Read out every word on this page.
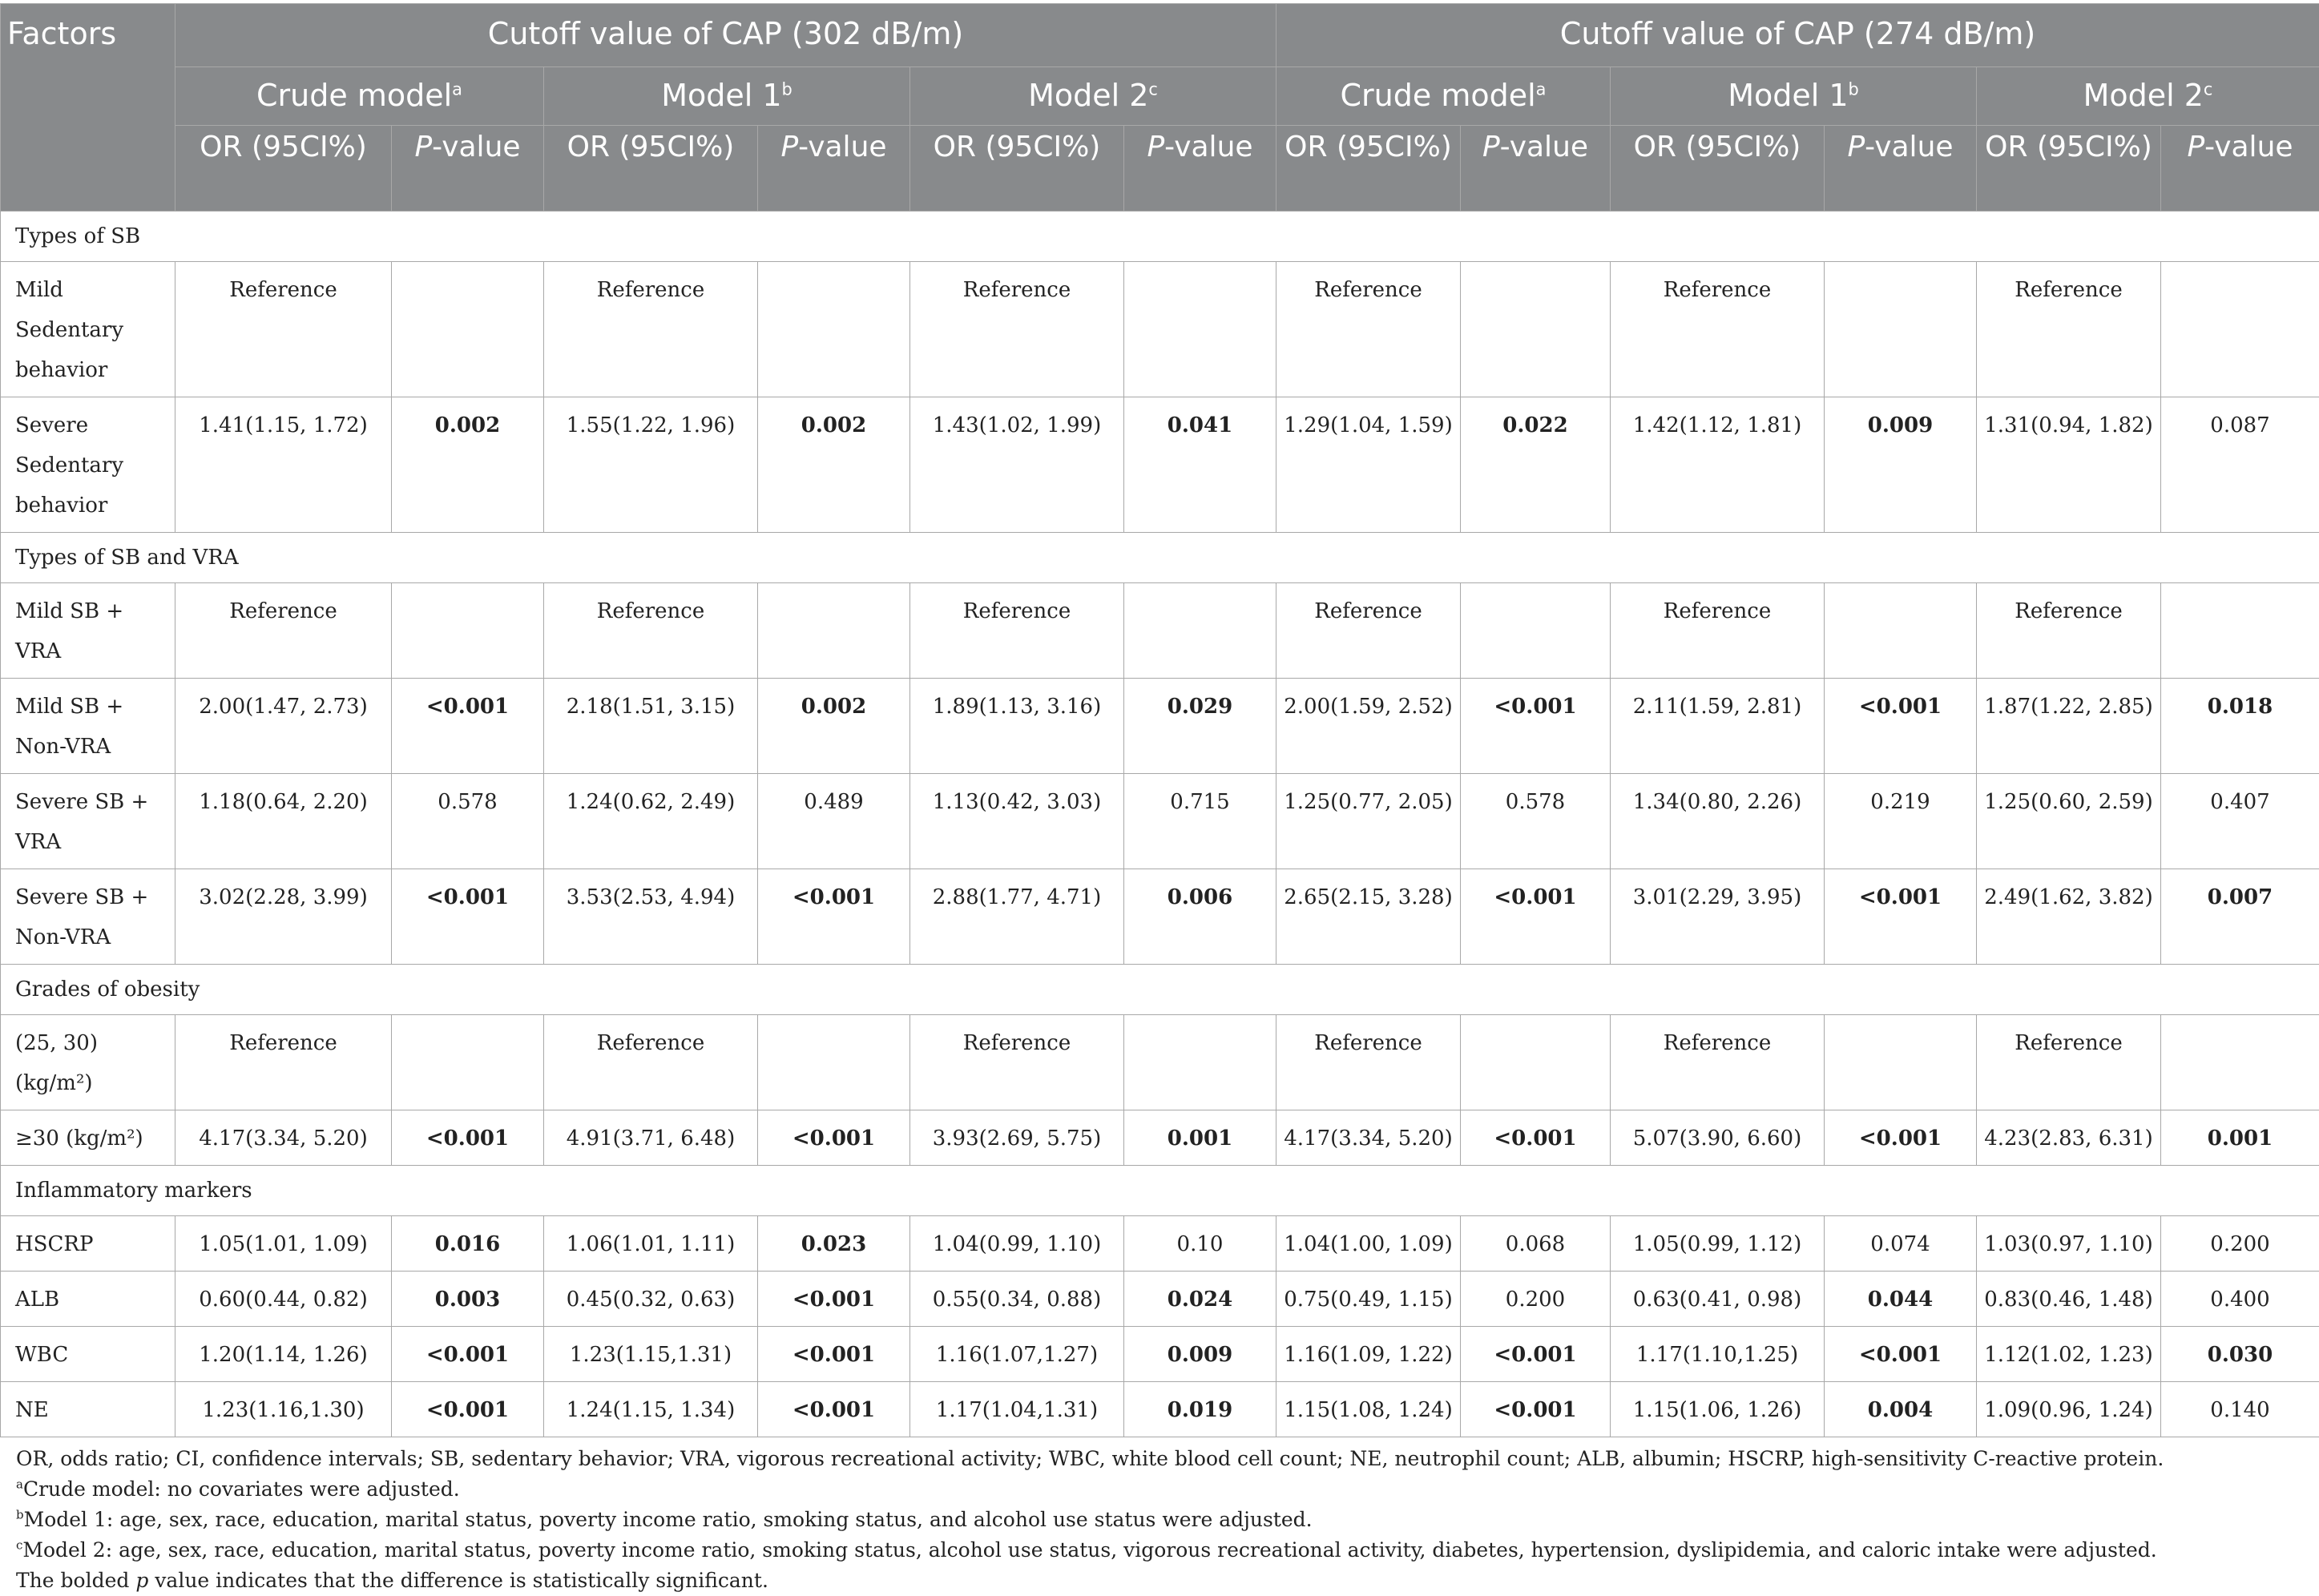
Factors	Cutoff value of CAP (302 dB/m)						Cutoff value of CAP (274 dB/m)					
	Crude model$^a$		Model 1$^b$		Model 2$^c$		Crude model$^a$		Model 1$^b$		Model 2$^c$
	OR (95CI%)	P-value	OR (95CI%)	P-value	OR (95CI%)	P-value	OR (95CI%)	P-value	OR (95CI%)	P-value	OR (95CI%)	P-value
Types of SB												
Mild Sedentary behavior	Reference		Reference		Reference		Reference		Reference		Reference	
Severe Sedentary behavior	1.41(1.15, 1.72)	0.002	1.55(1.22, 1.96)	0.002	1.43(1.02, 1.99)	0.041	1.29(1.04, 1.59)	0.022	1.42(1.12, 1.81)	0.009	1.31(0.94, 1.82)	0.087
Types of SB and VRA												
Mild SB + VRA	Reference		Reference		Reference		Reference		Reference		Reference	
Mild SB + Non-VRA	2.00(1.47, 2.73)	<0.001	2.18(1.51, 3.15)	0.002	1.89(1.13, 3.16)	0.029	2.00(1.59, 2.52)	<0.001	2.11(1.59, 2.81)	<0.001	1.87(1.22, 2.85)	0.018
Severe SB + VRA	1.18(0.64, 2.20)	0.578	1.24(0.62, 2.49)	0.489	1.13(0.42, 3.03)	0.715	1.25(0.77, 2.05)	0.578	1.34(0.80, 2.26)	0.219	1.25(0.60, 2.59)	0.407
Severe SB + Non-VRA	3.02(2.28, 3.99)	<0.001	3.53(2.53, 4.94)	<0.001	2.88(1.77, 4.71)	0.006	2.65(2.15, 3.28)	<0.001	3.01(2.29, 3.95)	<0.001	2.49(1.62, 3.82)	0.007
Grades of obesity												
(25, 30) (kg/m²)	Reference		Reference		Reference		Reference		Reference		Reference	
≥30 (kg/m²)	4.17(3.34, 5.20)	<0.001	4.91(3.71, 6.48)	<0.001	3.93(2.69, 5.75)	0.001	4.17(3.34, 5.20)	<0.001	5.07(3.90, 6.60)	<0.001	4.23(2.83, 6.31)	0.001
Inflammatory markers												
HSCRP	1.05(1.01, 1.09)	0.016	1.06(1.01, 1.11)	0.023	1.04(0.99, 1.10)	0.10	1.04(1.00, 1.09)	0.068	1.05(0.99, 1.12)	0.074	1.03(0.97, 1.10)	0.200
ALB	0.60(0.44, 0.82)	0.003	0.45(0.32, 0.63)	<0.001	0.55(0.34, 0.88)	0.024	0.75(0.49, 1.15)	0.200	0.63(0.41, 0.98)	0.044	0.83(0.46, 1.48)	0.400
WBC	1.20(1.14, 1.26)	<0.001	1.23(1.15,1.31)	<0.001	1.16(1.07,1.27)	0.009	1.16(1.09, 1.22)	<0.001	1.17(1.10,1.25)	<0.001	1.12(1.02, 1.23)	0.030
NE	1.23(1.16,1.30)	<0.001	1.24(1.15, 1.34)	<0.001	1.17(1.04,1.31)	0.019	1.15(1.08, 1.24)	<0.001	1.15(1.06, 1.26)	0.004	1.09(0.96, 1.24)	0.140
OR, odds ratio; CI, confidence intervals; SB, sedentary behavior; VRA, vigorous recreational activity; WBC, white blood cell count; NE, neutrophil count; ALB, albumin; HSCRP, high-sensitivity C-reactive protein.
$^a$Crude model: no covariates were adjusted.
$^b$Model 1: age, sex, race, education, marital status, poverty income ratio, smoking status, and alcohol use status were adjusted.
$^c$Model 2: age, sex, race, education, marital status, poverty income ratio, smoking status, alcohol use status, vigorous recreational activity, diabetes, hypertension, dyslipidemia, and caloric intake were adjusted.
The bolded p value indicates that the difference is statistically significant.
